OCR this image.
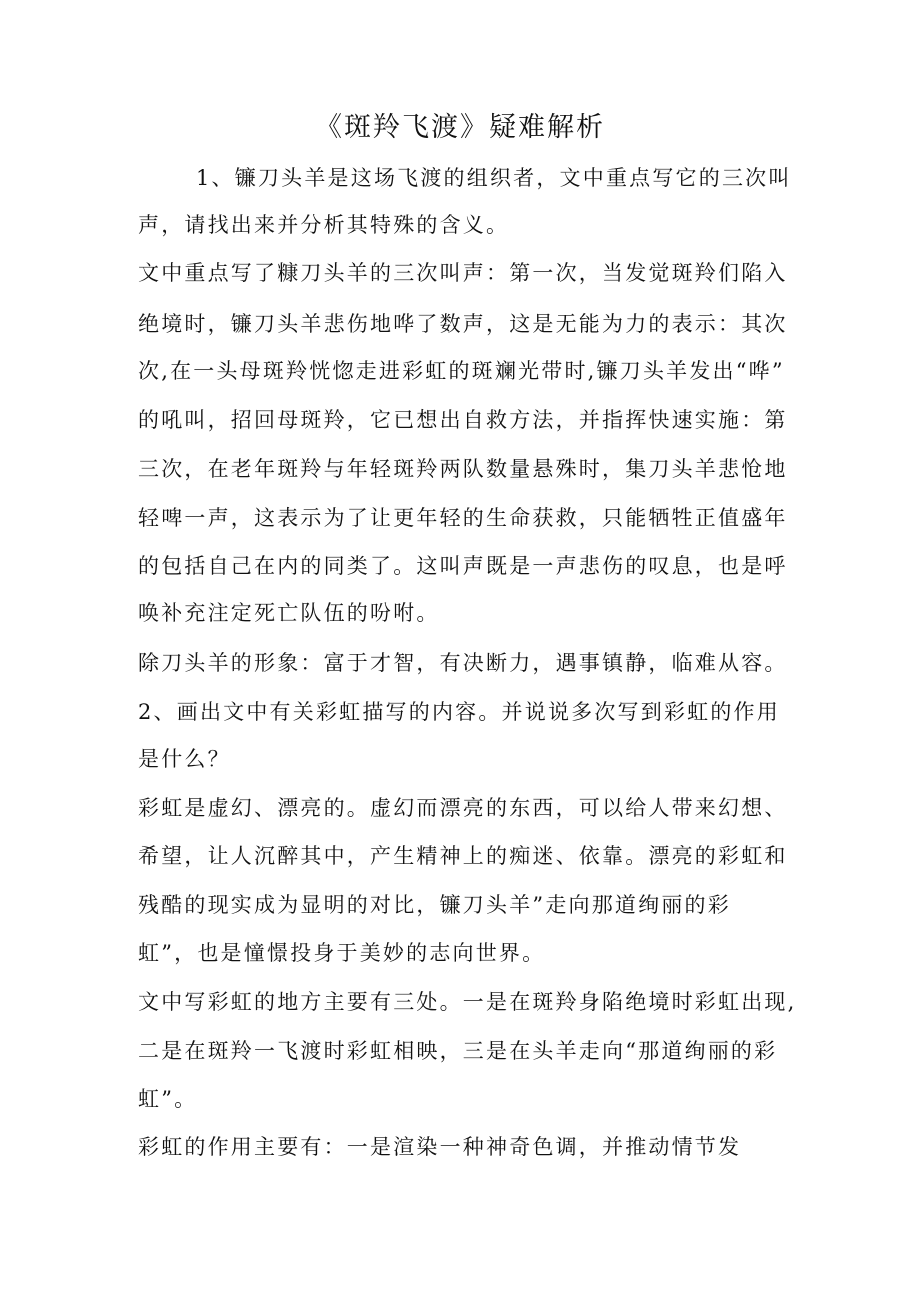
《斑羚飞渡》疑难解析

1、镰刀头羊是这场飞渡的组织者，文中重点写它的三次叫

声，请找出来并分析其特殊的含义。

文中重点写了糠刀头羊的三次叫声：第一次，当发觉斑羚们陷入

绝境时，镰刀头羊悲伤地哗了数声，这是无能为力的表示：其次

次,在一头母斑羚恍惚走进彩虹的斑斓光带时,镰刀头羊发出“哗”

的吼叫，招回母斑羚，它已想出自救方法，并指挥快速实施：第

三次，在老年斑羚与年轻斑羚两队数量悬殊时，集刀头羊悲怆地

轻啤一声，这表示为了让更年轻的生命获救，只能牺牲正值盛年

的包括自己在内的同类了。这叫声既是一声悲伤的叹息，也是呼

唤补充注定死亡队伍的吩咐。

除刀头羊的形象：富于才智，有决断力，遇事镇静，临难从容。

2、画出文中有关彩虹描写的内容。并说说多次写到彩虹的作用

是什么？

彩虹是虚幻、漂亮的。虚幻而漂亮的东西，可以给人带来幻想、

希望，让人沉醉其中，产生精神上的痴迷、依靠。漂亮的彩虹和

残酷的现实成为显明的对比，镰刀头羊”走向那道绚丽的彩

虹”，也是憧憬投身于美妙的志向世界。

文中写彩虹的地方主要有三处。一是在斑羚身陷绝境时彩虹出现,

二是在斑羚一飞渡时彩虹相映，三是在头羊走向“那道绚丽的彩

虹”。

彩虹的作用主要有：一是渲染一种神奇色调，并推动情节发
